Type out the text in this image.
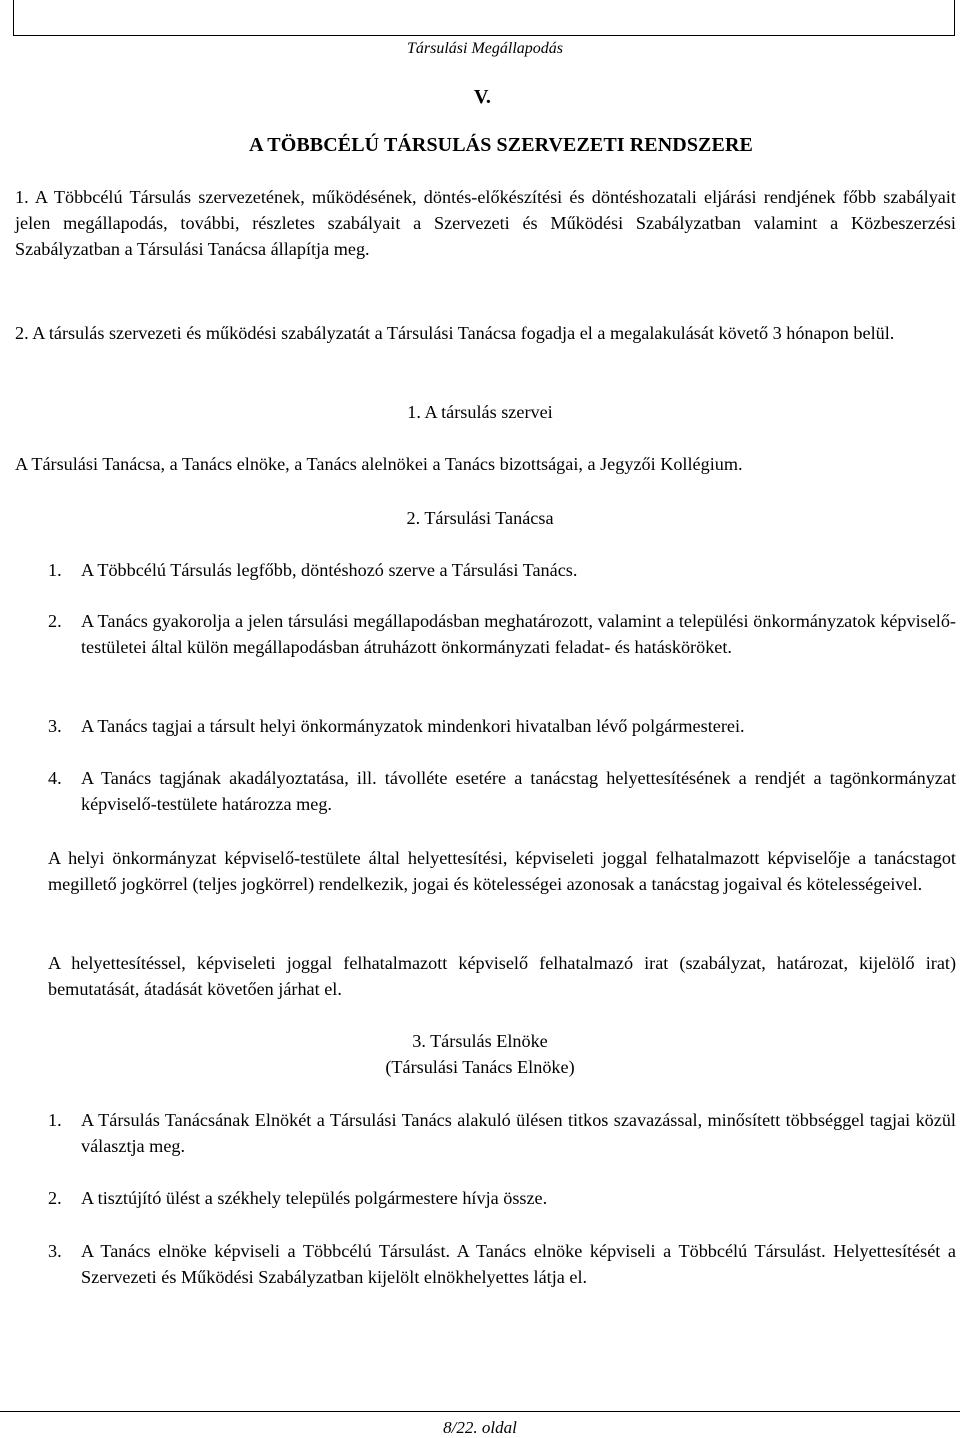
Társulási Megállapodás
V.
A TÖBBCÉLÚ TÁRSULÁS SZERVEZETI RENDSZERE
1. A Többcélú Társulás szervezetének, működésének, döntés-előkészítési és döntéshozatali eljárási rendjének főbb szabályait jelen megállapodás, további, részletes szabályait a Szervezeti és Működési Szabályzatban valamint a Közbeszerzési Szabályzatban a Társulási Tanácsa állapítja meg.
2. A társulás szervezeti és működési szabályzatát a Társulási Tanácsa fogadja el a megalakulását követő 3 hónapon belül.
1. A társulás szervei
A Társulási Tanácsa, a Tanács elnöke, a Tanács alelnökei a Tanács bizottságai, a Jegyzői Kollégium.
2. Társulási Tanácsa
1. A Többcélú Társulás legfőbb, döntéshozó szerve a Társulási Tanács.
2. A Tanács gyakorolja a jelen társulási megállapodásban meghatározott, valamint a települési önkormányzatok képviselő-testületei által külön megállapodásban átruházott önkormányzati feladat- és hatásköröket.
3. A Tanács tagjai a társult helyi önkormányzatok mindenkori hivatalban lévő polgármesterei.
4. A Tanács tagjának akadályoztatása, ill. távolléte esetére a tanácstag helyettesítésének a rendjét a tagönkormányzat képviselő-testülete határozza meg.
A helyi önkormányzat képviselő-testülete által helyettesítési, képviseleti joggal felhatalmazott képviselője a tanácstagot megillető jogkörrel (teljes jogkörrel) rendelkezik, jogai és kötelességei azonosak a tanácstag jogaival és kötelességeivel.
A helyettesítéssel, képviseleti joggal felhatalmazott képviselő felhatalmazó irat (szabályzat, határozat, kijelölő irat) bemutatását, átadását követően járhat el.
3. Társulás Elnöke
(Társulási Tanács Elnöke)
1. A Társulás Tanácsának Elnökét a Társulási Tanács alakuló ülésen titkos szavazással, minősített többséggel tagjai közül választja meg.
2. A tisztújító ülést a székhely település polgármestere hívja össze.
3. A Tanács elnöke képviseli a Többcélú Társulást. A Tanács elnöke képviseli a Többcélú Társulást. Helyettesítését a Szervezeti és Működési Szabályzatban kijelölt elnökhelyettes látja el.
8/22. oldal
